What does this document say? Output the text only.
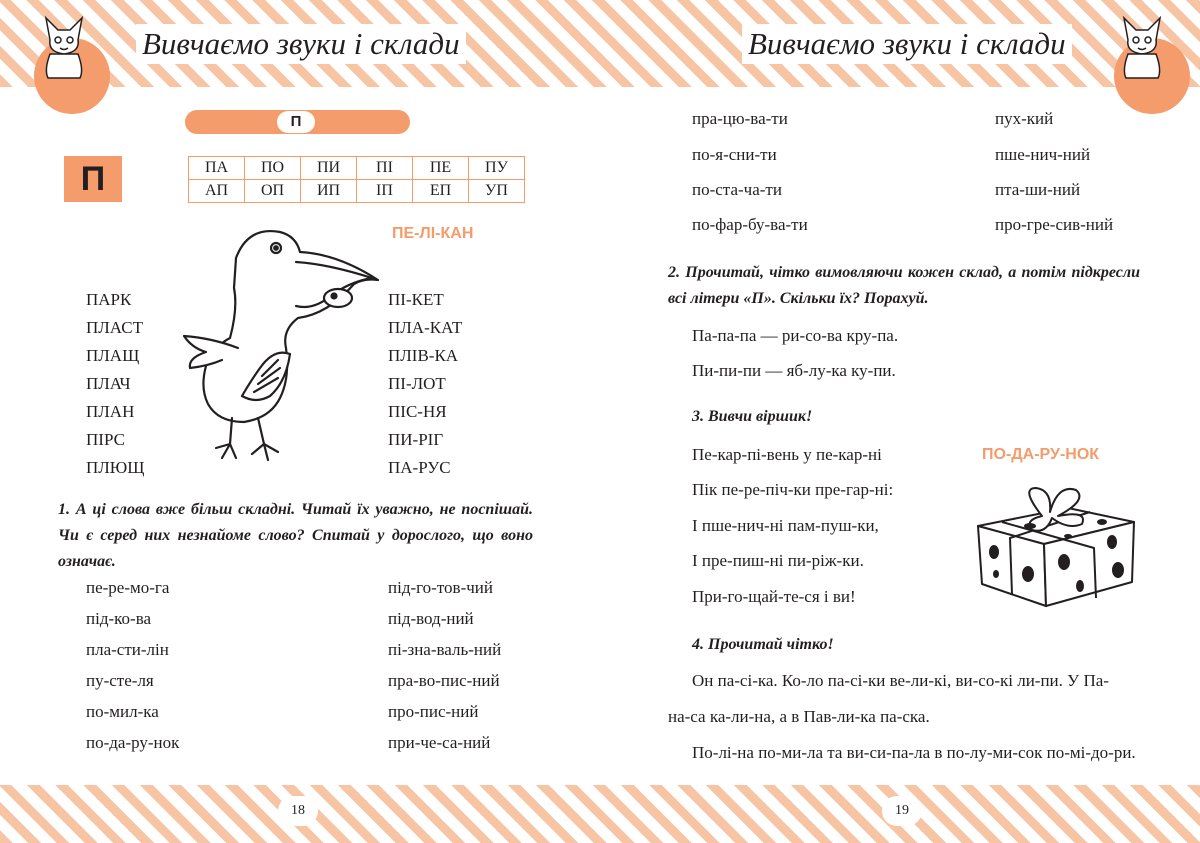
Вивчаємо звуки і склади	Вивчаємо звуки і склади
П
П	ПА	ПО	ПИ	ПІ	ПЕ	ПУ
АП	ОП	ИП	ІП	ЕП	УП
ПЕ-ЛІ-КАН
ПАРК
ПЛАСТ
ПЛАЩ
ПЛАЧ
ПЛАН
ПІРС
ПЛЮЩ
ПІ-КЕТ
ПЛА-КАТ
ПЛІВ-КА
ПІ-ЛОТ
ПІС-НЯ
ПИ-РІГ
ПА-РУС
1. А ці слова вже більш складні. Читай їх уважно, не поспішай. Чи є серед них незнайоме слово? Спитай у дорослого, що воно означає.
пе-ре-мо-га
під-ко-ва
пла-сти-лін
пу-сте-ля
по-мил-ка
по-да-ру-нок
під-го-тов-чий
під-вод-ний
пі-зна-валь-ний
пра-во-пис-ний
про-пис-ний
при-че-са-ний
18
пра-цю-ва-ти
по-я-сни-ти
по-ста-ча-ти
по-фар-бу-ва-ти
пух-кий
пше-нич-ний
пта-ши-ний
про-гре-сив-ний
2. Прочитай, чітко вимовляючи кожен склад, а потім підкресли всі літери «П». Скільки їх? Порахуй.
Па-па-па — ри-со-ва кру-па.
Пи-пи-пи — яб-лу-ка ку-пи.
3. Вивчи віршик!
Пе-кар-пі-вень у пе-кар-ні
Пік пе-ре-піч-ки пре-гар-ні:
І пше-нич-ні пам-пуш-ки,
І пре-пиш-ні пи-ріж-ки.
При-го-щай-те-ся і ви!
ПО-ДА-РУ-НОК
4. Прочитай чітко!
Он па-сі-ка. Ко-ло па-сі-ки ве-ли-кі, ви-со-кі ли-пи. У Па-
на-са ка-ли-на, а в Пав-ли-ка па-ска.
По-лі-на по-ми-ла та ви-си-па-ла в по-лу-ми-сок по-мі-до-ри.
19
